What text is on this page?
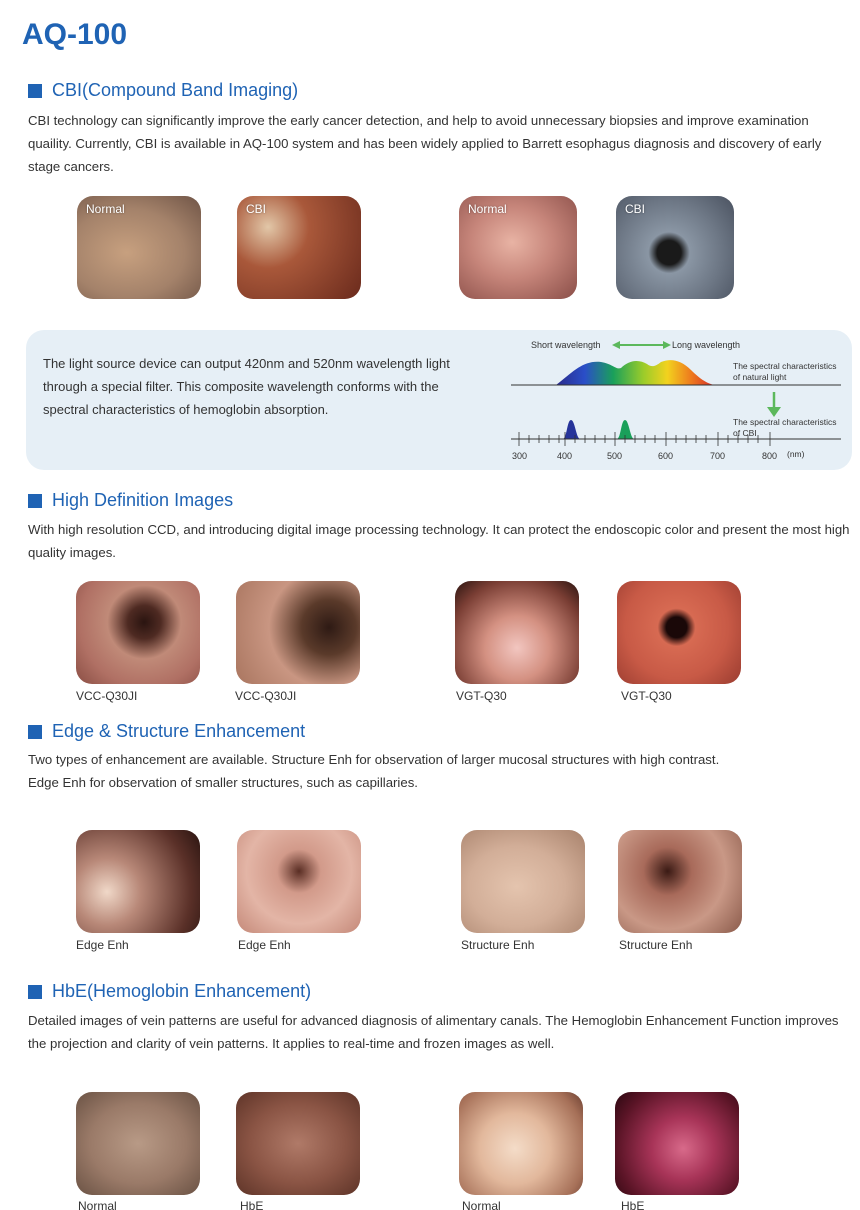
AQ-100
CBI(Compound Band Imaging)
CBI technology can significantly improve the early cancer detection, and help to avoid unnecessary biopsies and improve examination quaility. Currently, CBI is available in AQ-100 system and has been widely applied to Barrett esophagus diagnosis and discovery of early stage cancers.
Normal	CBI	Normal	CBI
The light source device can output 420nm and 520nm wavelength light through a special filter. This composite wavelength conforms with the spectral characteristics of hemoglobin absorption.
Short wavelength	Long wavelength
The spectral characteristics
of natural light
The spectral characteristics
of CBI
300	400	500	600	700	800 (nm)
High Definition Images
With high resolution CCD, and introducing digital image processing technology. It can protect the endoscopic color and present the most high quality images.
VCC-Q30JI	VCC-Q30JI	VGT-Q30	VGT-Q30
Edge & Structure Enhancement
Two types of enhancement are available. Structure Enh for observation of larger mucosal structures with high contrast.
Edge Enh for observation of smaller structures, such as capillaries.
Edge Enh	Edge Enh	Structure Enh	Structure Enh
HbE(Hemoglobin Enhancement)
Detailed images of vein patterns are useful for advanced diagnosis of alimentary canals. The Hemoglobin Enhancement Function improves the projection and clarity of vein patterns. It applies to real-time and frozen images as well.
Normal	HbE	Normal	HbE
